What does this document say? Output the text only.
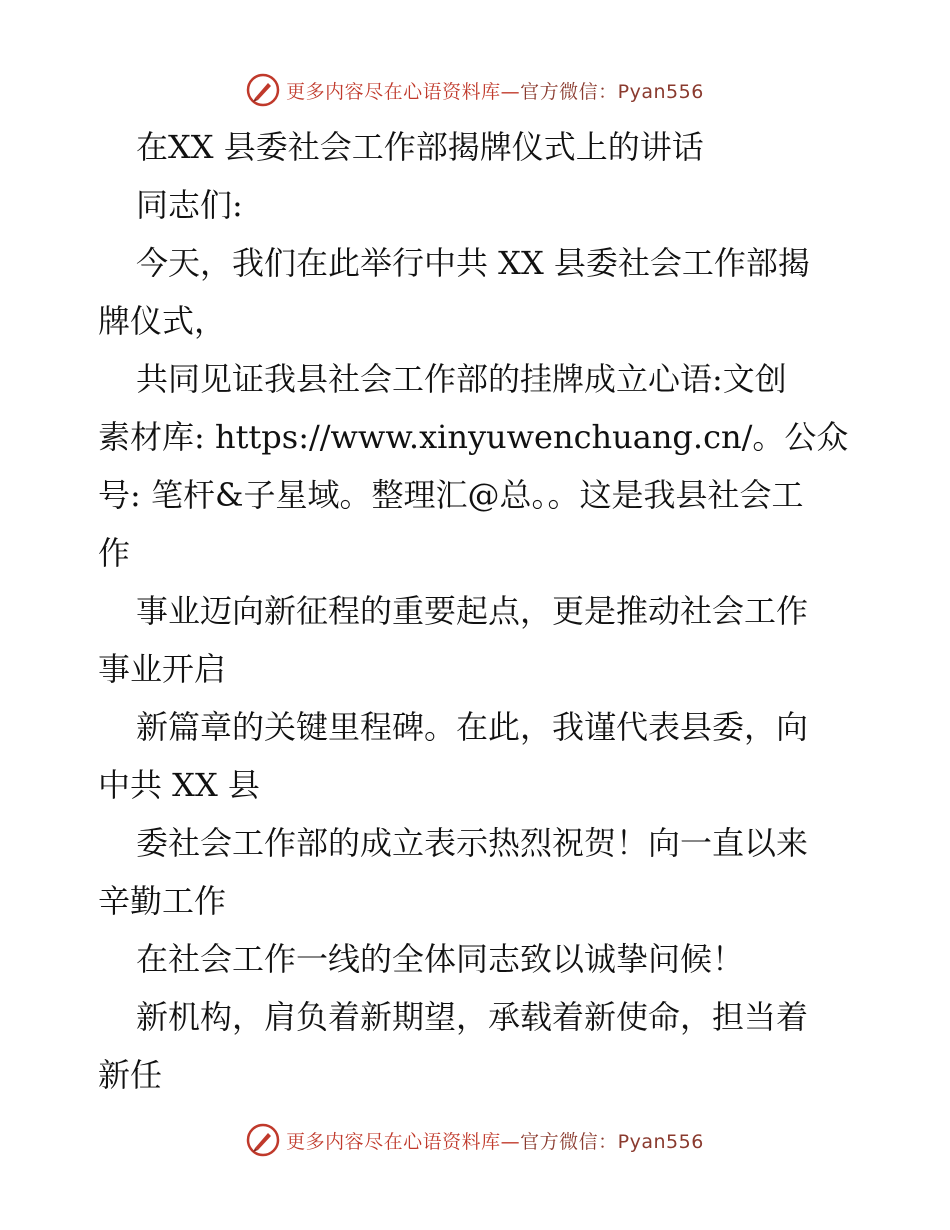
更多内容尽在心语资料库—官方微信：Pyan556
在XX 县委社会工作部揭牌仪式上的讲话
同志们:
今天，我们在此举行中共 XX 县委社会工作部揭
牌仪式，
共同见证我县社会工作部的挂牌成立心语:文创
素材库: https://www.xinyuwenchuang.cn/。公众
号: 笔杆&子星域。整理汇@总。。这是我县社会工
作
事业迈向新征程的重要起点，更是推动社会工作
事业开启
新篇章的关键里程碑。在此，我谨代表县委，向
中共 XX 县
委社会工作部的成立表示热烈祝贺！向一直以来
辛勤工作
在社会工作一线的全体同志致以诚挚问候！
新机构，肩负着新期望，承载着新使命，担当着
新任
更多内容尽在心语资料库—官方微信：Pyan556
